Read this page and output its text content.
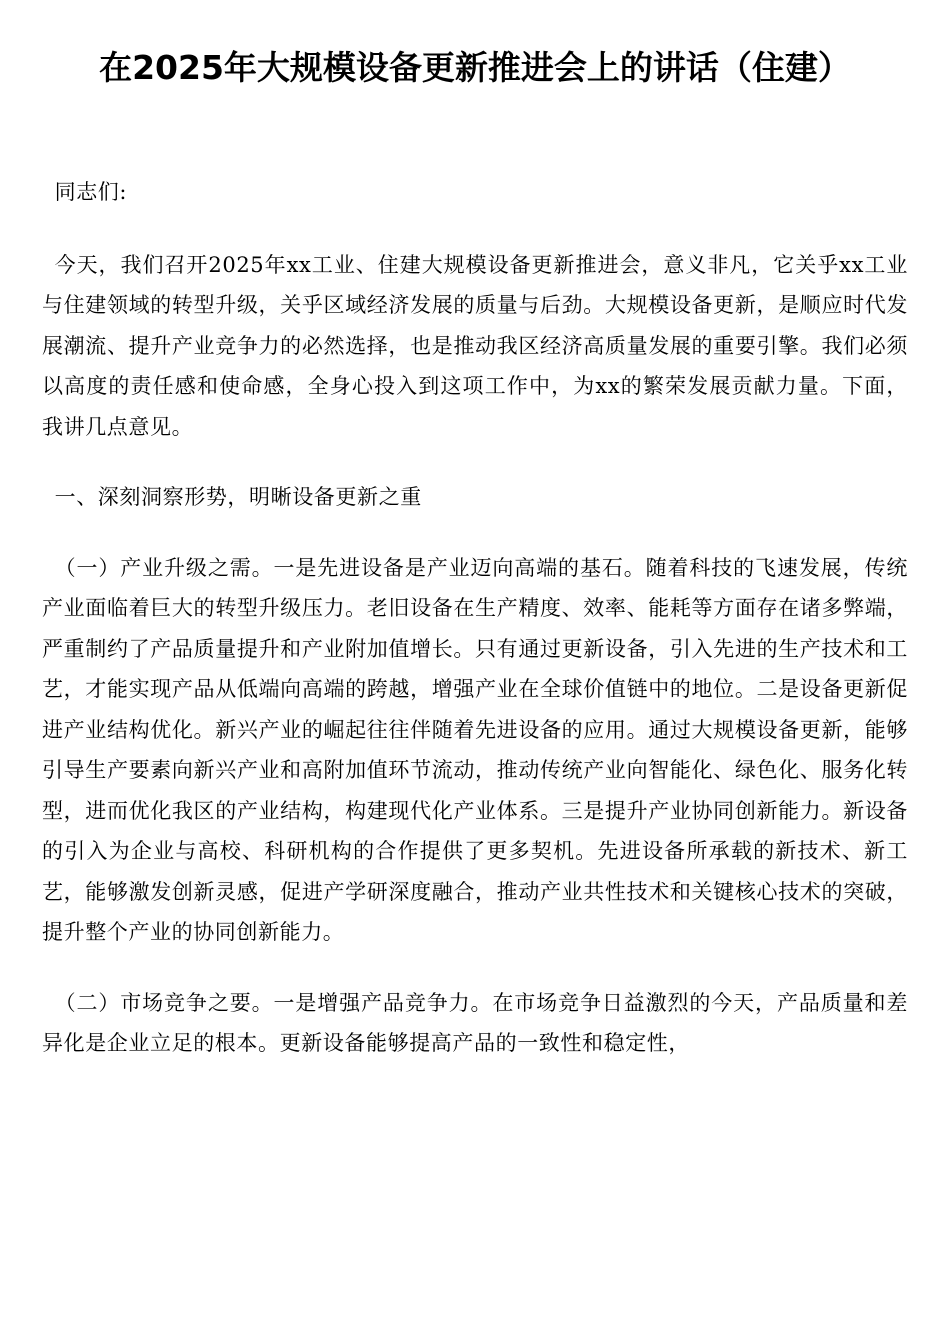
在2025年大规模设备更新推进会上的讲话（住建）

同志们:

今天，我们召开2025年xx工业、住建大规模设备更新推进会，意义非凡，它关乎xx工业与住建领域的转型升级，关乎区域经济发展的质量与后劲。大规模设备更新，是顺应时代发展潮流、提升产业竞争力的必然选择，也是推动我区经济高质量发展的重要引擎。我们必须以高度的责任感和使命感，全身心投入到这项工作中，为xx的繁荣发展贡献力量。下面，我讲几点意见。

一、深刻洞察形势，明晰设备更新之重

（一）产业升级之需。一是先进设备是产业迈向高端的基石。随着科技的飞速发展，传统产业面临着巨大的转型升级压力。老旧设备在生产精度、效率、能耗等方面存在诸多弊端，严重制约了产品质量提升和产业附加值增长。只有通过更新设备，引入先进的生产技术和工艺，才能实现产品从低端向高端的跨越，增强产业在全球价值链中的地位。二是设备更新促进产业结构优化。新兴产业的崛起往往伴随着先进设备的应用。通过大规模设备更新，能够引导生产要素向新兴产业和高附加值环节流动，推动传统产业向智能化、绿色化、服务化转型，进而优化我区的产业结构，构建现代化产业体系。三是提升产业协同创新能力。新设备的引入为企业与高校、科研机构的合作提供了更多契机。先进设备所承载的新技术、新工艺，能够激发创新灵感，促进产学研深度融合，推动产业共性技术和关键核心技术的突破，提升整个产业的协同创新能力。

（二）市场竞争之要。一是增强产品竞争力。在市场竞争日益激烈的今天，产品质量和差异化是企业立足的根本。更新设备能够提高产品的一致性和稳定性，
